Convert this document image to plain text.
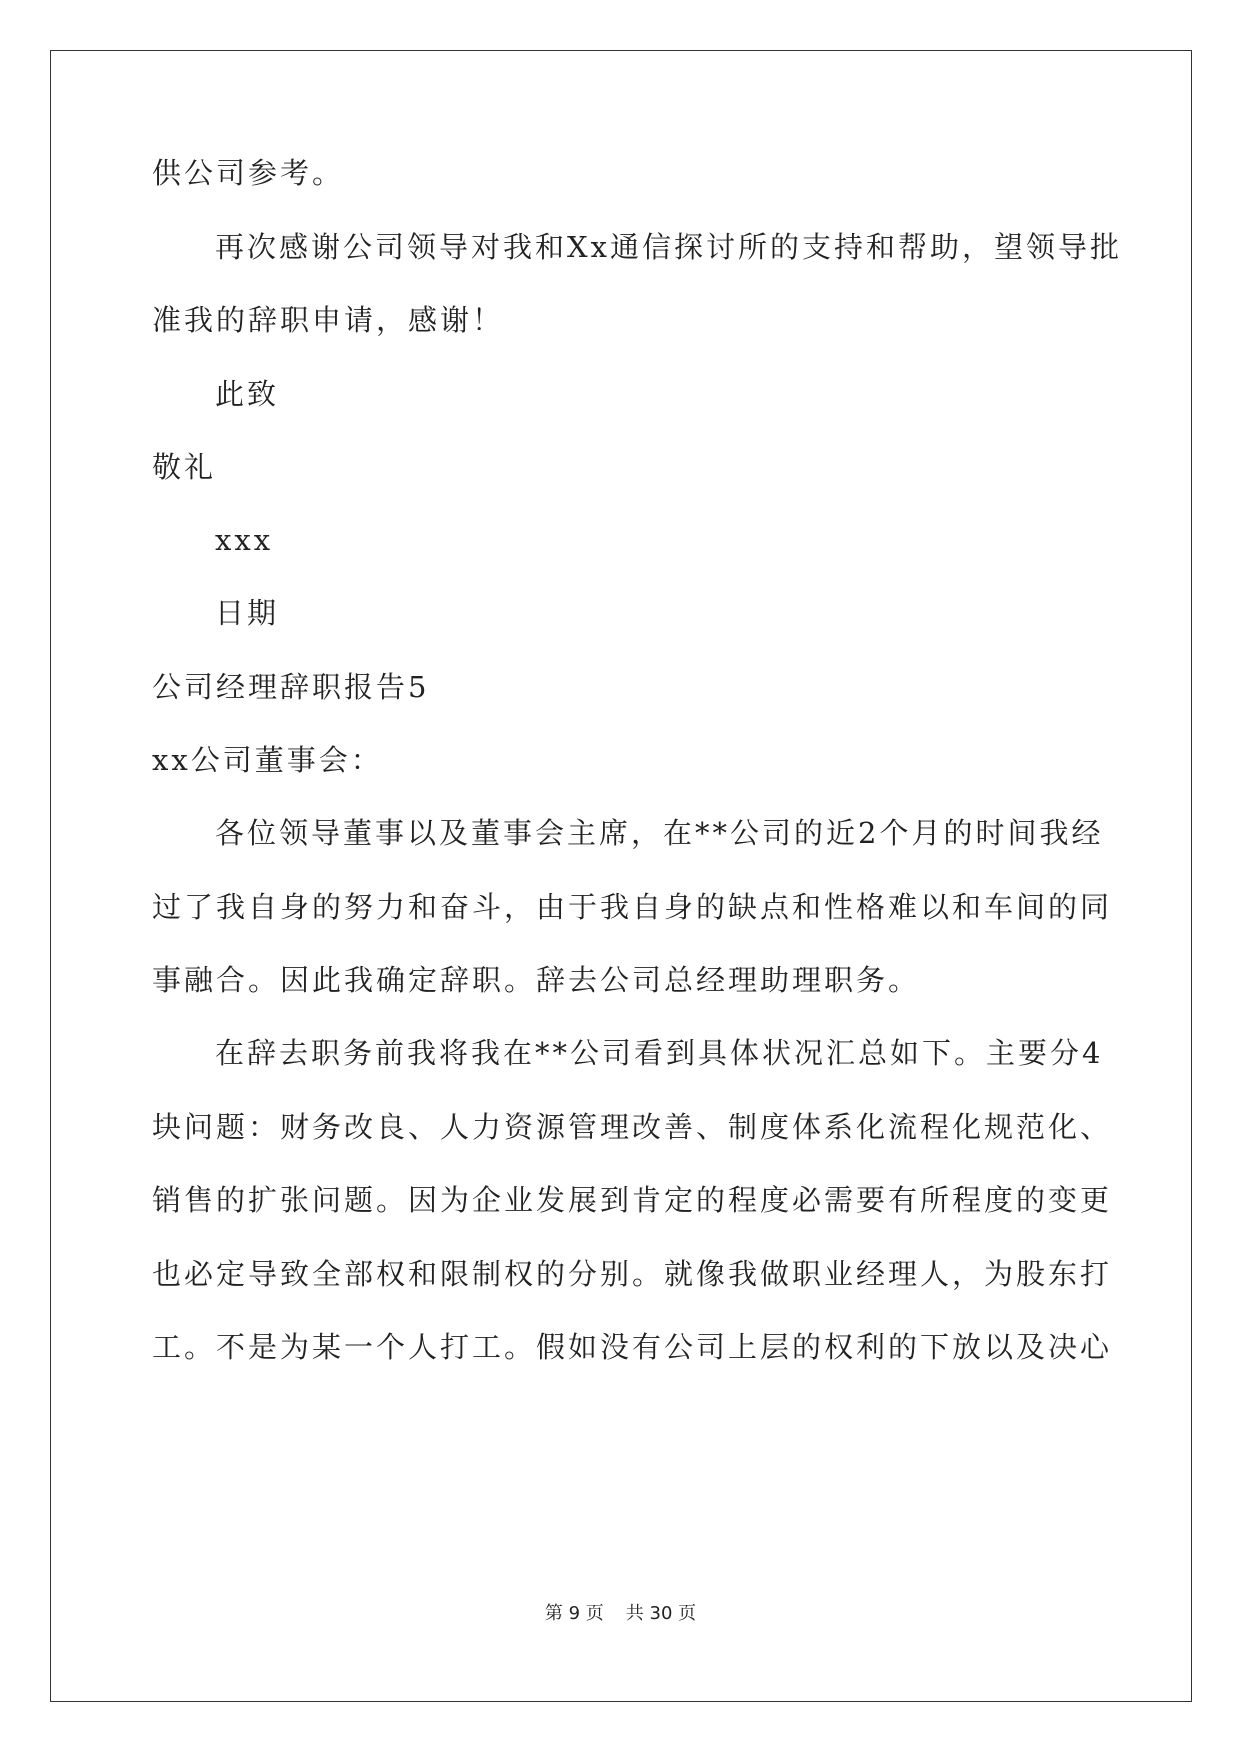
供公司参考。
再次感谢公司领导对我和Xx通信探讨所的支持和帮助，望领导批
准我的辞职申请，感谢！
此致
敬礼
xxx
日期
公司经理辞职报告5
xx公司董事会：
各位领导董事以及董事会主席，在**公司的近2个月的时间我经
过了我自身的努力和奋斗，由于我自身的缺点和性格难以和车间的同
事融合。因此我确定辞职。辞去公司总经理助理职务。
在辞去职务前我将我在**公司看到具体状况汇总如下。主要分4
块问题：财务改良、人力资源管理改善、制度体系化流程化规范化、
销售的扩张问题。因为企业发展到肯定的程度必需要有所程度的变更
也必定导致全部权和限制权的分别。就像我做职业经理人，为股东打
工。不是为某一个人打工。假如没有公司上层的权利的下放以及决心
第 9 页 共 30 页
